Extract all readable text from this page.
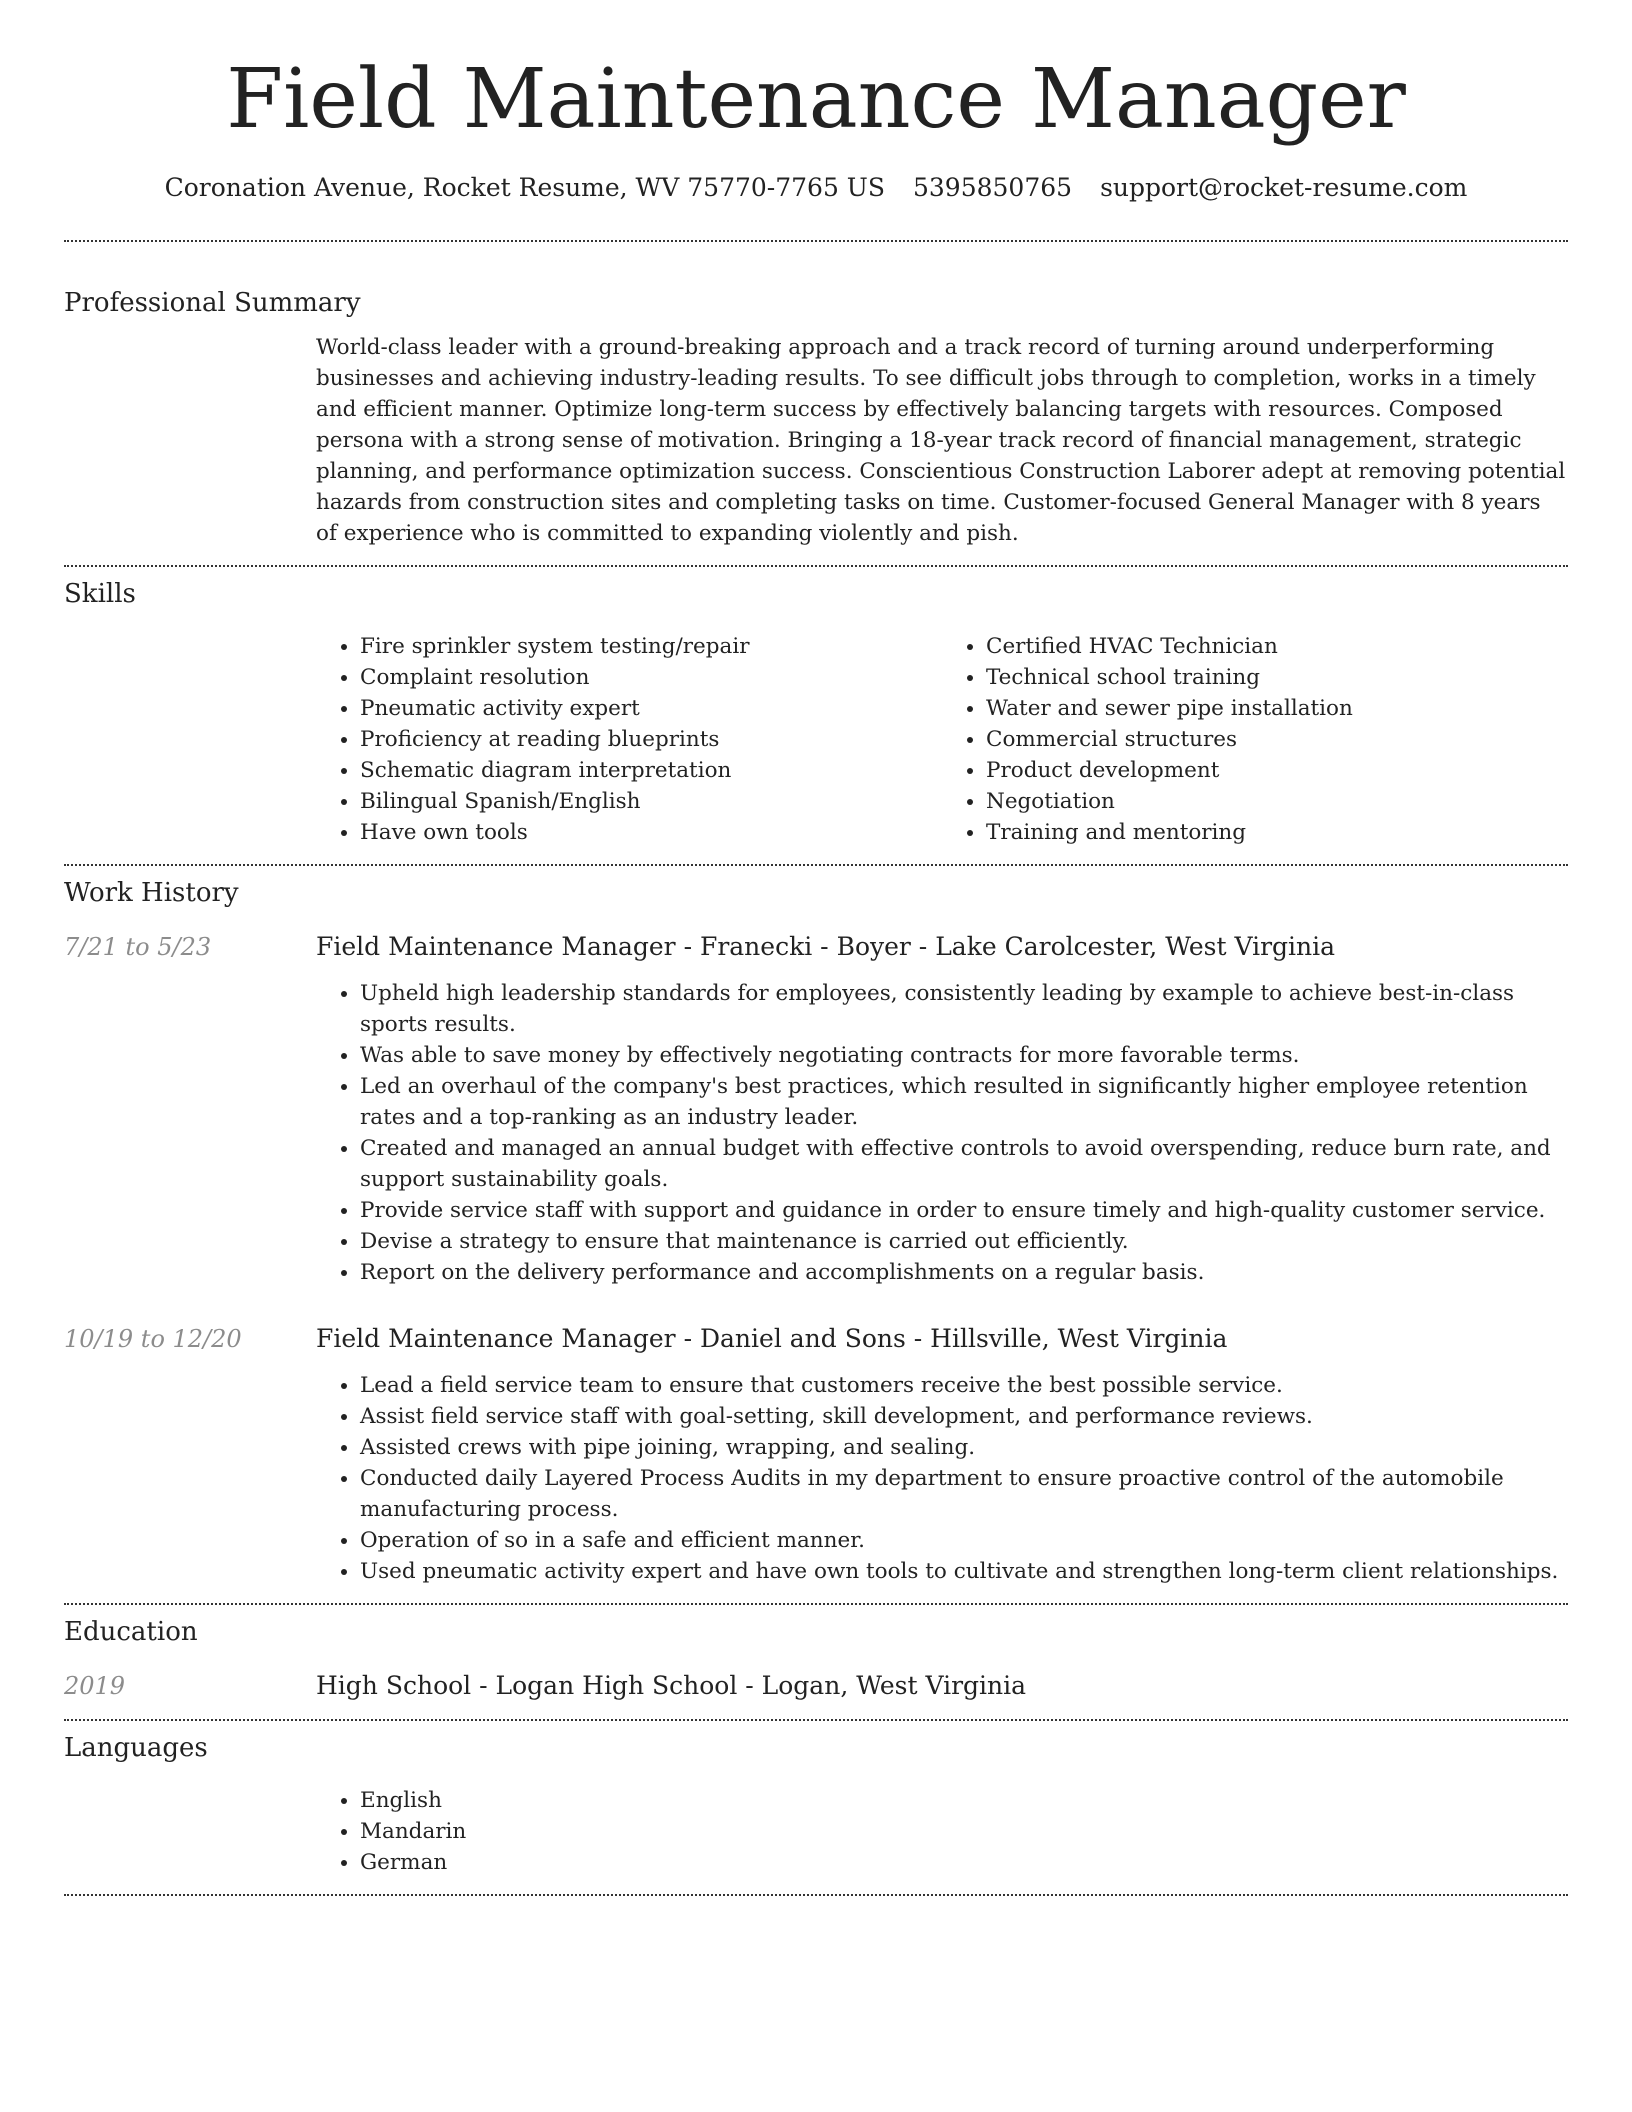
Field Maintenance Manager
Coronation Avenue, Rocket Resume, WV 75770-7765 US 5395850765 support@rocket-resume.com
Professional Summary

World-class leader with a ground-breaking approach and a track record of turning around underperforming businesses and achieving industry-leading results. To see difficult jobs through to completion, works in a timely and efficient manner. Optimize long-term success by effectively balancing targets with resources. Composed persona with a strong sense of motivation. Bringing a 18-year track record of financial management, strategic planning, and performance optimization success. Conscientious Construction Laborer adept at removing potential hazards from construction sites and completing tasks on time. Customer-focused General Manager with 8 years of experience who is committed to expanding violently and pish.

Skills
• Fire sprinkler system testing/repair
• Complaint resolution
• Pneumatic activity expert
• Proficiency at reading blueprints
• Schematic diagram interpretation
• Bilingual Spanish/English
• Have own tools
• Certified HVAC Technician
• Technical school training
• Water and sewer pipe installation
• Commercial structures
• Product development
• Negotiation
• Training and mentoring
Work History
7/21 to 5/23	Field Maintenance Manager - Franecki - Boyer - Lake Carolcester, West Virginia
• Upheld high leadership standards for employees, consistently leading by example to achieve best-in-class sports results.
• Was able to save money by effectively negotiating contracts for more favorable terms.
• Led an overhaul of the company's best practices, which resulted in significantly higher employee retention rates and a top-ranking as an industry leader.
• Created and managed an annual budget with effective controls to avoid overspending, reduce burn rate, and support sustainability goals.
• Provide service staff with support and guidance in order to ensure timely and high-quality customer service.
• Devise a strategy to ensure that maintenance is carried out efficiently.
• Report on the delivery performance and accomplishments on a regular basis.
10/19 to 12/20	Field Maintenance Manager - Daniel and Sons - Hillsville, West Virginia
• Lead a field service team to ensure that customers receive the best possible service.
• Assist field service staff with goal-setting, skill development, and performance reviews.
• Assisted crews with pipe joining, wrapping, and sealing.
• Conducted daily Layered Process Audits in my department to ensure proactive control of the automobile manufacturing process.
• Operation of so in a safe and efficient manner.
• Used pneumatic activity expert and have own tools to cultivate and strengthen long-term client relationships.
Education
2019	High School - Logan High School - Logan, West Virginia
Languages
• English
• Mandarin
• German
